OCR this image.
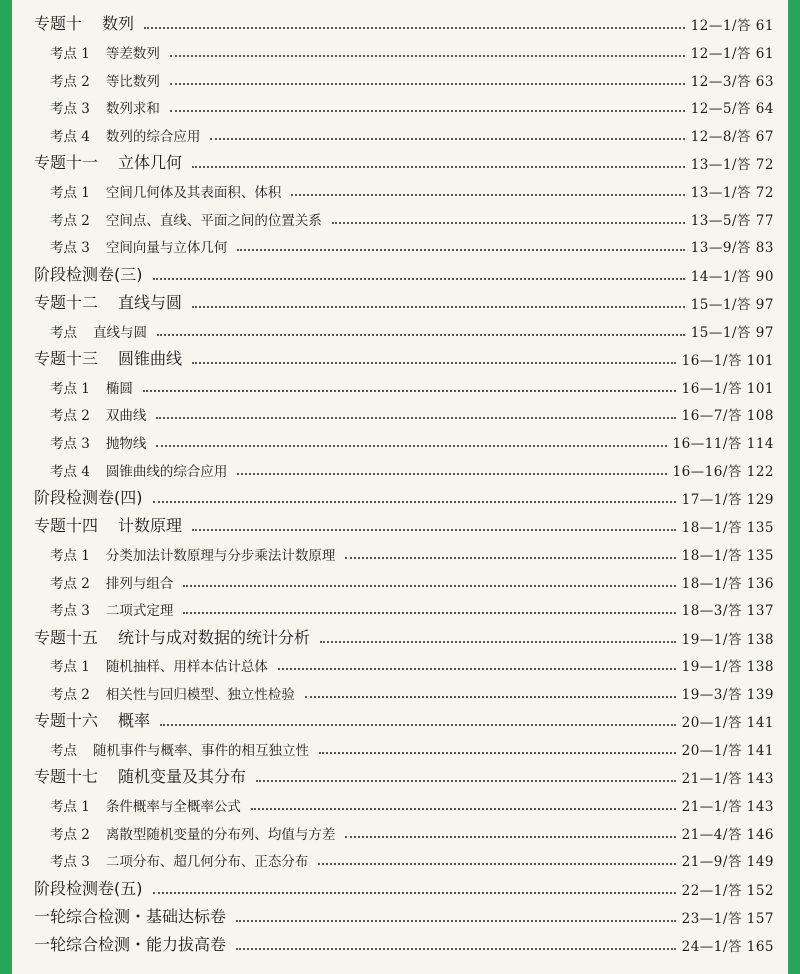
专题十 数列	12—1/答 61
考点 1 等差数列	12—1/答 61
考点 2 等比数列	12—3/答 63
考点 3 数列求和	12—5/答 64
考点 4 数列的综合应用	12—8/答 67
专题十一 立体几何	13—1/答 72
考点 1 空间几何体及其表面积、体积	13—1/答 72
考点 2 空间点、直线、平面之间的位置关系	13—5/答 77
考点 3 空间向量与立体几何	13—9/答 83
阶段检测卷(三)	14—1/答 90
专题十二 直线与圆	15—1/答 97
考点 直线与圆	15—1/答 97
专题十三 圆锥曲线	16—1/答 101
考点 1 椭圆	16—1/答 101
考点 2 双曲线	16—7/答 108
考点 3 抛物线	16—11/答 114
考点 4 圆锥曲线的综合应用	16—16/答 122
阶段检测卷(四)	17—1/答 129
专题十四 计数原理	18—1/答 135
考点 1 分类加法计数原理与分步乘法计数原理	18—1/答 135
考点 2 排列与组合	18—1/答 136
考点 3 二项式定理	18—3/答 137
专题十五 统计与成对数据的统计分析	19—1/答 138
考点 1 随机抽样、用样本估计总体	19—1/答 138
考点 2 相关性与回归模型、独立性检验	19—3/答 139
专题十六 概率	20—1/答 141
考点 随机事件与概率、事件的相互独立性	20—1/答 141
专题十七 随机变量及其分布	21—1/答 143
考点 1 条件概率与全概率公式	21—1/答 143
考点 2 离散型随机变量的分布列、均值与方差	21—4/答 146
考点 3 二项分布、超几何分布、正态分布	21—9/答 149
阶段检测卷(五)	22—1/答 152
一轮综合检测・基础达标卷	23—1/答 157
一轮综合检测・能力拔高卷	24—1/答 165
